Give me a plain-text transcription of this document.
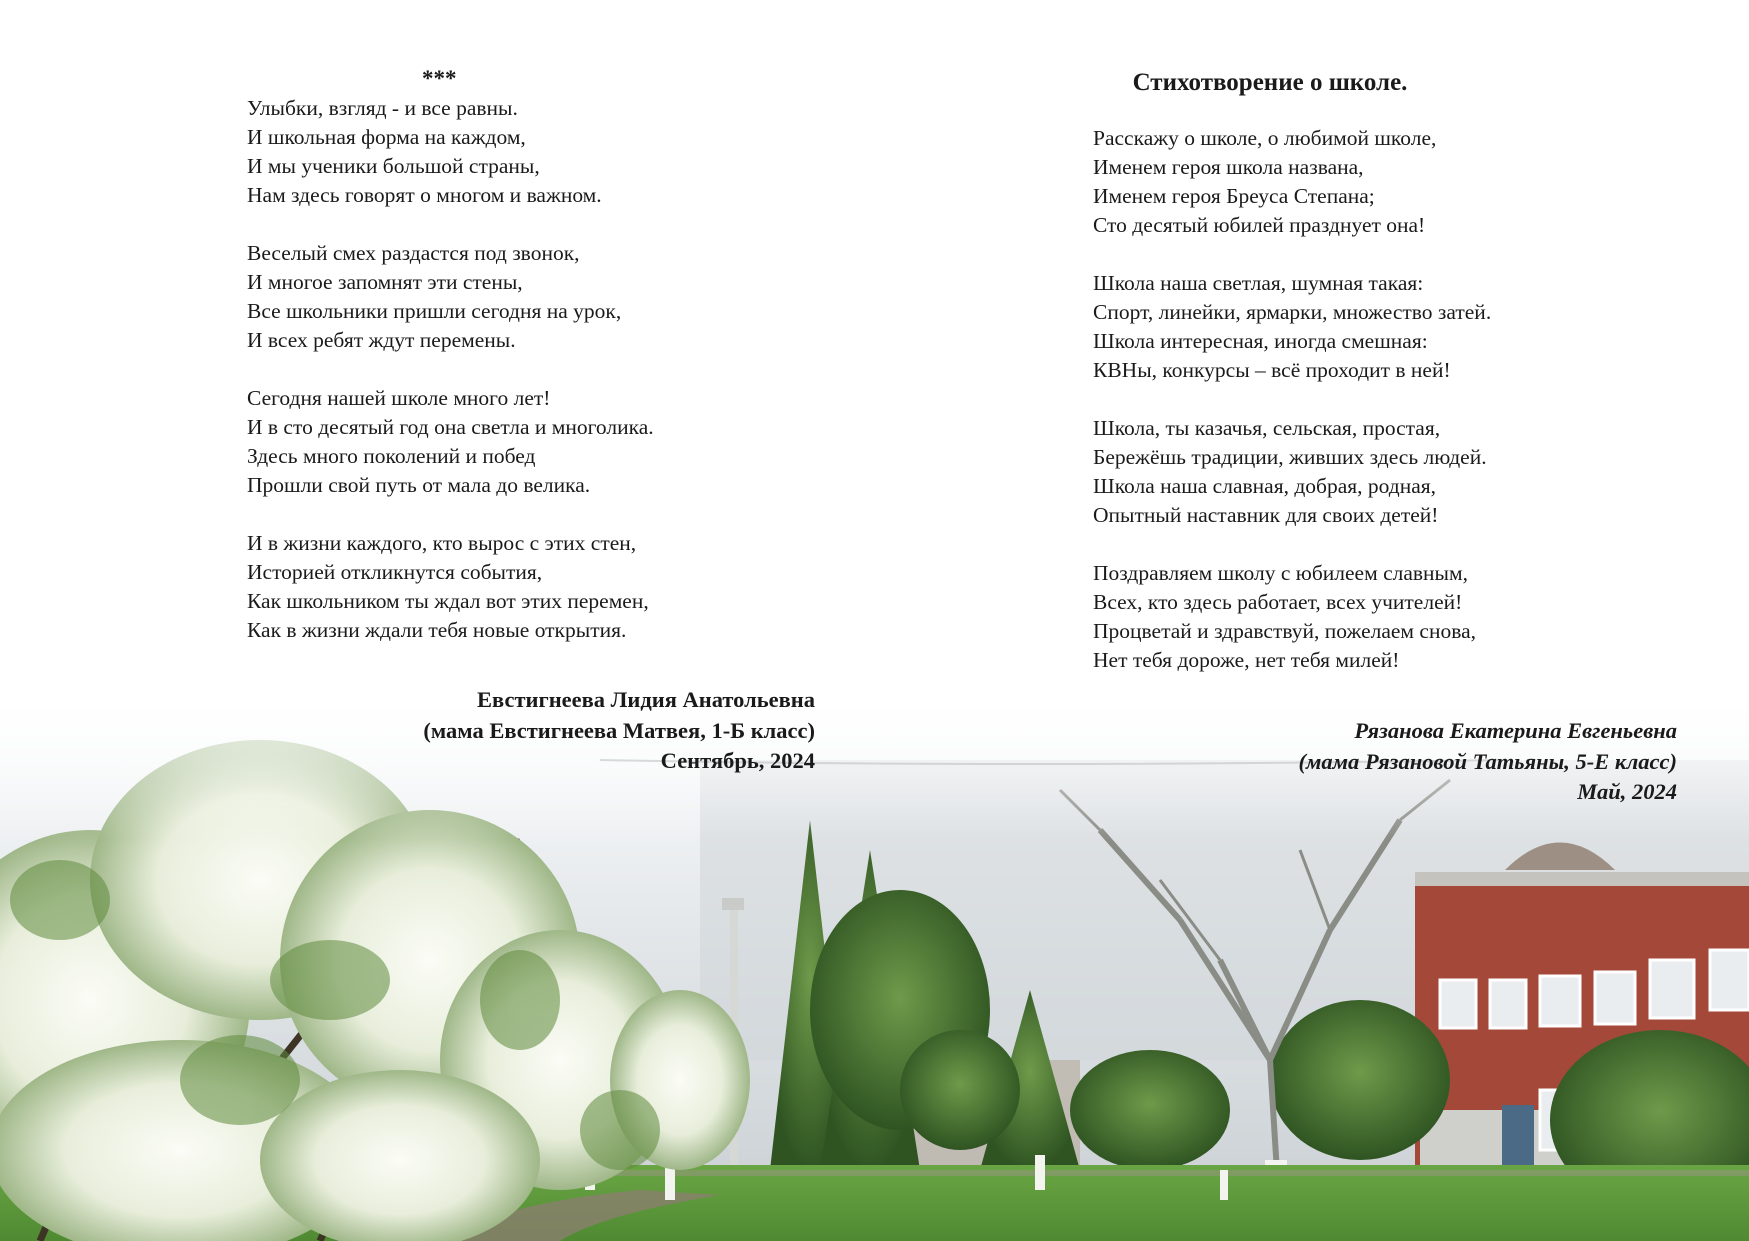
***
Улыбки, взгляд - и все равны.
И школьная форма на каждом,
И мы ученики большой страны,
Нам здесь говорят о многом и важном.
Веселый смех раздастся под звонок,
И многое запомнят эти стены,
Все школьники пришли сегодня на урок,
И всех ребят ждут перемены.
Сегодня нашей школе много лет!
И в сто десятый год она светла и многолика.
Здесь много поколений и побед
Прошли свой путь от мала до велика.
И в жизни каждого, кто вырос с этих стен,
Историей откликнутся события,
Как школьником ты ждал вот этих перемен,
Как в жизни ждали тебя новые открытия.
Евстигнеева Лидия Анатольевна
(мама Евстигнеева Матвея, 1-Б класс)
Сентябрь, 2024
Стихотворение о школе.
Расскажу о школе, о любимой школе,
Именем героя школа названа,
Именем героя Бреуса Степана;
Сто десятый юбилей празднует она!
Школа наша светлая, шумная такая:
Спорт, линейки, ярмарки, множество затей.
Школа интересная, иногда смешная:
КВНы, конкурсы – всё проходит в ней!
Школа, ты казачья, сельская, простая,
Бережёшь традиции, живших здесь людей.
Школа наша славная, добрая, родная,
Опытный наставник для своих детей!
Поздравляем школу с юбилеем славным,
Всех, кто здесь работает, всех учителей!
Процветай и здравствуй, пожелаем снова,
Нет тебя дороже, нет тебя милей!
Рязанова Екатерина Евгеньевна
(мама Рязановой Татьяны, 5-Е класс)
Май, 2024
